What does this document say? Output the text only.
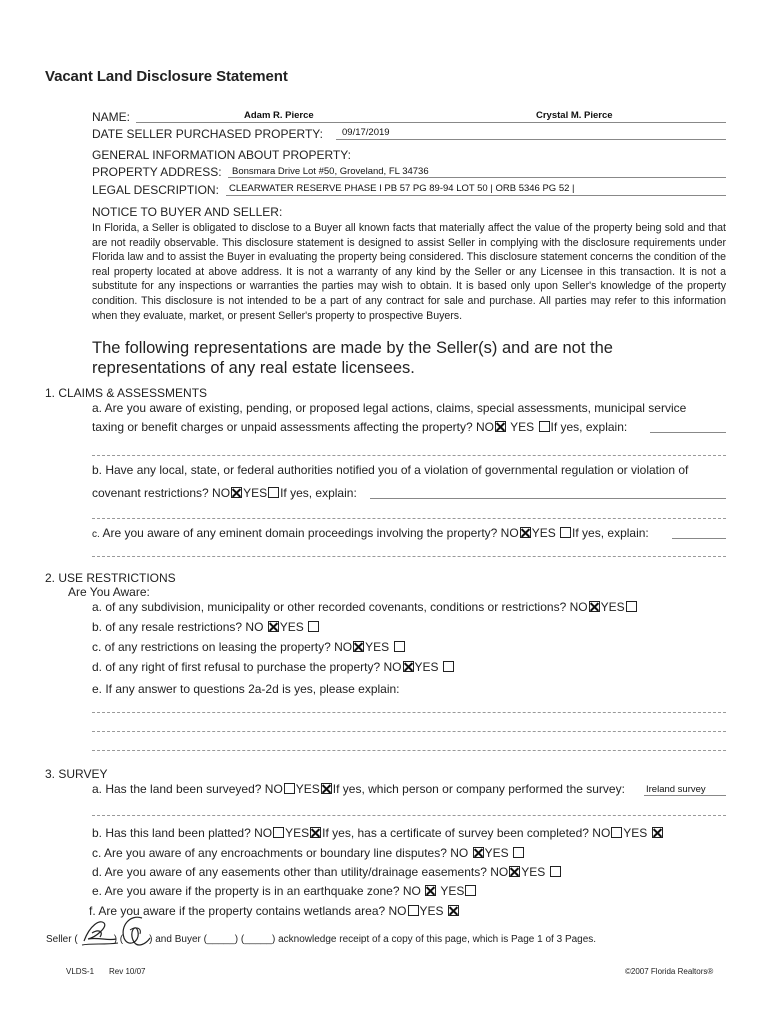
Vacant Land Disclosure Statement
NAME:	Adam R. Pierce	Crystal M. Pierce
DATE SELLER PURCHASED PROPERTY: 09/17/2019
GENERAL INFORMATION ABOUT PROPERTY:
PROPERTY ADDRESS: Bonsmara Drive Lot #50, Groveland, FL 34736
LEGAL DESCRIPTION: CLEARWATER RESERVE PHASE I PB 57 PG 89-94 LOT 50 | ORB 5346 PG 52 |
NOTICE TO BUYER AND SELLER:
In Florida, a Seller is obligated to disclose to a Buyer all known facts that materially affect the value of the property being sold and that are not readily observable. This disclosure statement is designed to assist Seller in complying with the disclosure requirements under Florida law and to assist the Buyer in evaluating the property being considered. This disclosure statement concerns the condition of the real property located at above address. It is not a warranty of any kind by the Seller or any Licensee in this transaction. It is not a substitute for any inspections or warranties the parties may wish to obtain. It is based only upon Seller's knowledge of the property condition. This disclosure is not intended to be a part of any contract for sale and purchase. All parties may refer to this information when they evaluate, market, or present Seller's property to prospective Buyers.
The following representations are made by the Seller(s) and are not the representations of any real estate licensees.
1. CLAIMS & ASSESSMENTS
a. Are you aware of existing, pending, or proposed legal actions, claims, special assessments, municipal service
taxing or benefit charges or unpaid assessments affecting the property? NO YES If yes, explain:
b. Have any local, state, or federal authorities notified you of a violation of governmental regulation or violation of
covenant restrictions? NO YES If yes, explain:
c. Are you aware of any eminent domain proceedings involving the property? NO YES If yes, explain:
2. USE RESTRICTIONS
Are You Aware:
a. of any subdivision, municipality or other recorded covenants, conditions or restrictions? NO YES
b. of any resale restrictions? NO YES
c. of any restrictions on leasing the property? NO YES
d. of any right of first refusal to purchase the property? NO YES
e. If any answer to questions 2a-2d is yes, please explain:
3. SURVEY
a. Has the land been surveyed? NO YES If yes, which person or company performed the survey: Ireland survey
b. Has this land been platted? NO YES If yes, has a certificate of survey been completed? NO YES
c. Are you aware of any encroachments or boundary line disputes? NO YES
d. Are you aware of any easements other than utility/drainage easements? NO YES
e. Are you aware if the property is in an earthquake zone? NO YES
f. Are you aware if the property contains wetlands area? NO YES
Seller (	) (	) and Buyer (_____) (_____) acknowledge receipt of a copy of this page, which is Page 1 of 3 Pages.
VLDS-1 Rev 10/07	©2007 Florida Realtors®
